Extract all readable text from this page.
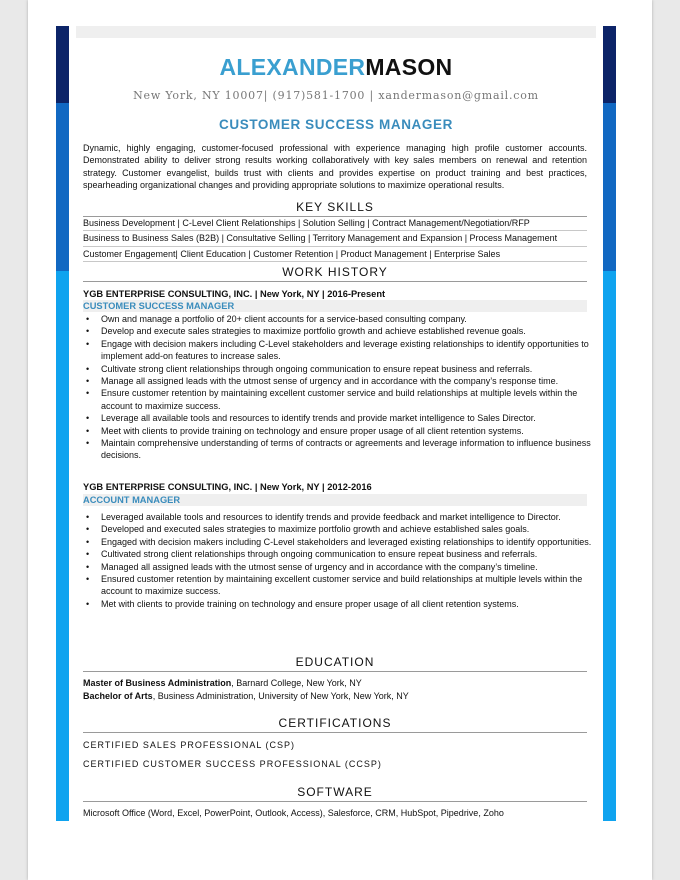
ALEXANDERMASON
New York, NY 10007| (917)581-1700 | xandermason@gmail.com
CUSTOMER SUCCESS MANAGER
Dynamic, highly engaging, customer-focused professional with experience managing high profile customer accounts. Demonstrated ability to deliver strong results working collaboratively with key sales members on renewal and retention strategy. Customer evangelist, builds trust with clients and provides expertise on product training and best practices, spearheading organizational changes and providing appropriate solutions to maximize operational results.
KEY SKILLS
Business Development | C-Level Client Relationships | Solution Selling | Contract Management/Negotiation/RFP
Business to Business Sales (B2B) | Consultative Selling | Territory Management and Expansion | Process Management
Customer Engagement| Client Education | Customer Retention | Product Management | Enterprise Sales
WORK HISTORY
YGB ENTERPRISE CONSULTING, INC. | New York, NY | 2016-Present
CUSTOMER SUCCESS MANAGER
• Own and manage a portfolio of 20+ client accounts for a service-based consulting company.
• Develop and execute sales strategies to maximize portfolio growth and achieve established revenue goals.
• Engage with decision makers including C-Level stakeholders and leverage existing relationships to identify opportunities to implement add-on features to increase sales.
• Cultivate strong client relationships through ongoing communication to ensure repeat business and referrals.
• Manage all assigned leads with the utmost sense of urgency and in accordance with the company’s response time.
• Ensure customer retention by maintaining excellent customer service and build relationships at multiple levels within the account to maximize success.
• Leverage all available tools and resources to identify trends and provide market intelligence to Sales Director.
• Meet with clients to provide training on technology and ensure proper usage of all client retention systems.
• Maintain comprehensive understanding of terms of contracts or agreements and leverage information to influence business decisions.
YGB ENTERPRISE CONSULTING, INC. | New York, NY | 2012-2016
ACCOUNT MANAGER
• Leveraged available tools and resources to identify trends and provide feedback and market intelligence to Director.
• Developed and executed sales strategies to maximize portfolio growth and achieve established sales goals.
• Engaged with decision makers including C-Level stakeholders and leveraged existing relationships to identify opportunities.
• Cultivated strong client relationships through ongoing communication to ensure repeat business and referrals.
• Managed all assigned leads with the utmost sense of urgency and in accordance with the company’s timeline.
• Ensured customer retention by maintaining excellent customer service and build relationships at multiple levels within the account to maximize success.
• Met with clients to provide training on technology and ensure proper usage of all client retention systems.
EDUCATION
Master of Business Administration, Barnard College, New York, NY
Bachelor of Arts, Business Administration, University of New York, New York, NY
CERTIFICATIONS
CERTIFIED SALES PROFESSIONAL (CSP)
CERTIFIED CUSTOMER SUCCESS PROFESSIONAL (CCSP)
SOFTWARE
Microsoft Office (Word, Excel, PowerPoint, Outlook, Access), Salesforce, CRM, HubSpot, Pipedrive, Zoho
